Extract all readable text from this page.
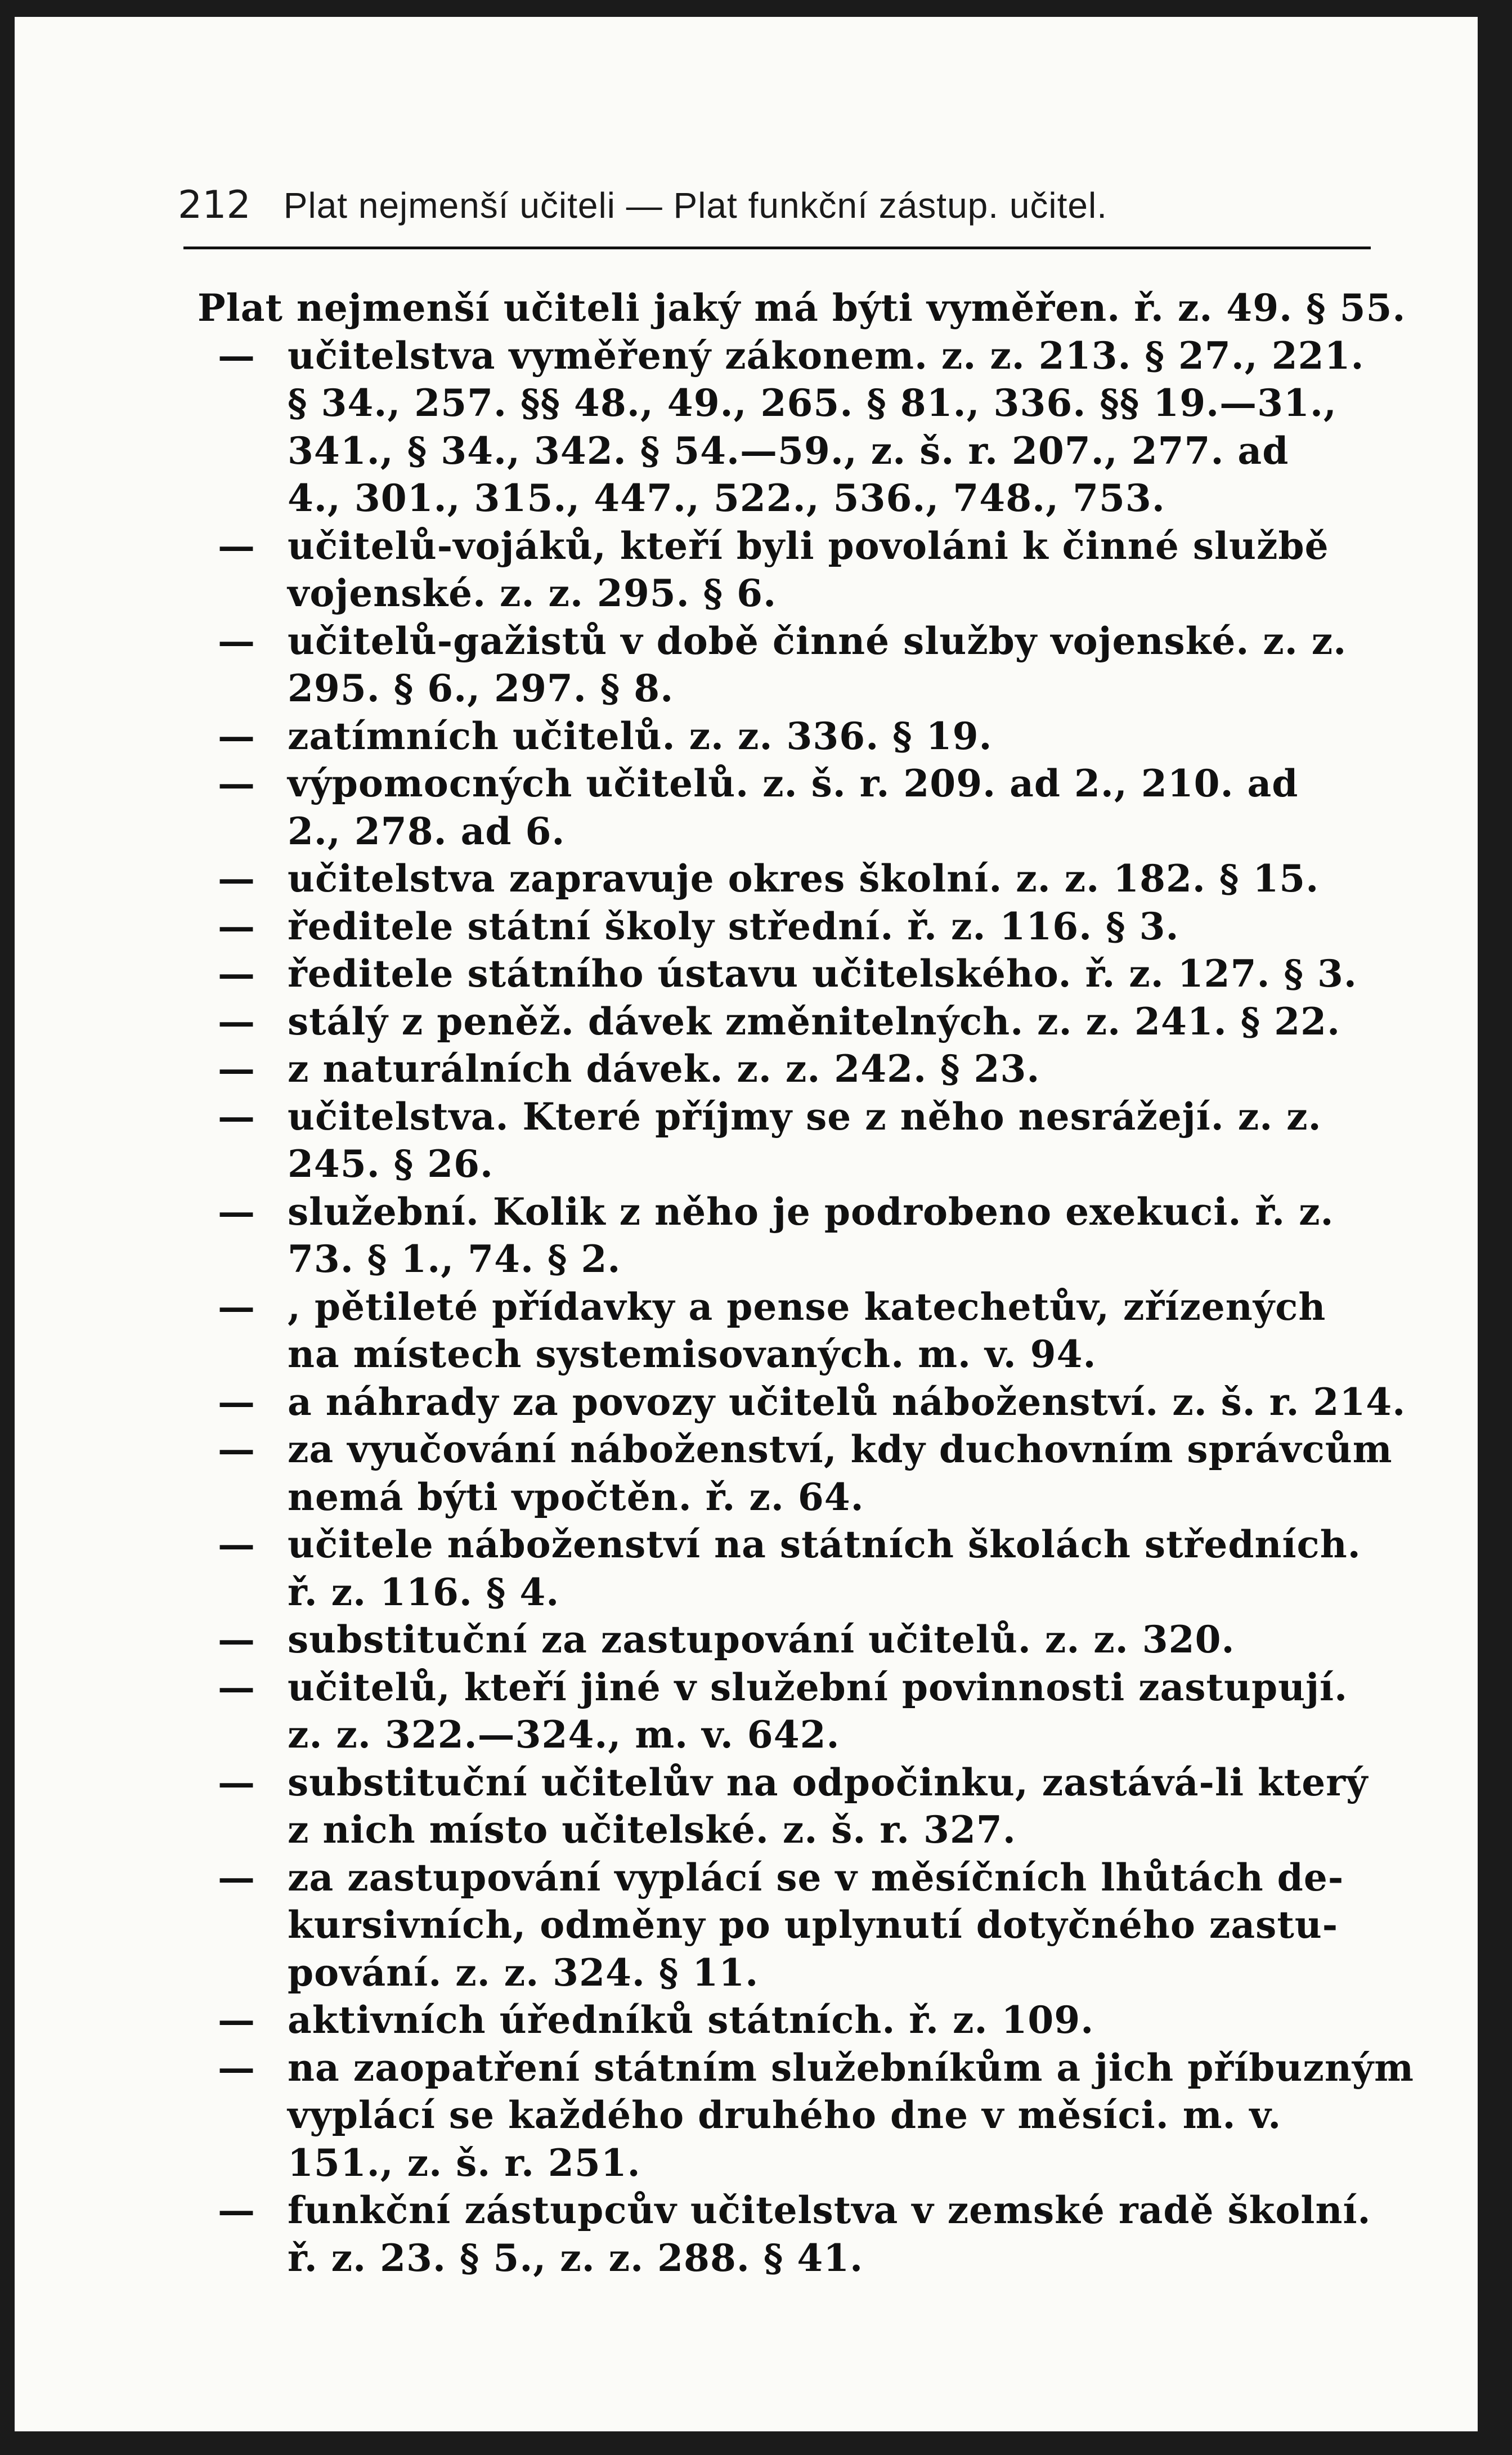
212 Plat nejmenší učiteli — Plat funkční zástup. učitel.
Plat nejmenší učiteli jaký má býti vyměřen. ř. z. 49. § 55.
— učitelstva vyměřený zákonem. z. z. 213. § 27., 221.
§ 34., 257. §§ 48., 49., 265. § 81., 336. §§ 19.—31.,
341., § 34., 342. § 54.—59., z. š. r. 207., 277. ad
4., 301., 315., 447., 522., 536., 748., 753.
— učitelů-vojáků, kteří byli povoláni k činné službě
vojenské. z. z. 295. § 6.
— učitelů-gažistů v době činné služby vojenské. z. z.
295. § 6., 297. § 8.
— zatímních učitelů. z. z. 336. § 19.
— výpomocných učitelů. z. š. r. 209. ad 2., 210. ad
2., 278. ad 6.
— učitelstva zapravuje okres školní. z. z. 182. § 15.
— ředitele státní školy střední. ř. z. 116. § 3.
— ředitele státního ústavu učitelského. ř. z. 127. § 3.
— stálý z peněž. dávek změnitelných. z. z. 241. § 22.
— z naturálních dávek. z. z. 242. § 23.
— učitelstva. Které příjmy se z něho nesrážejí. z. z.
245. § 26.
— služební. Kolik z něho je podrobeno exekuci. ř. z.
73. § 1., 74. § 2.
— , pětileté přídavky a pense katechetův, zřízených
na místech systemisovaných. m. v. 94.
— a náhrady za povozy učitelů náboženství. z. š. r. 214.
— za vyučování náboženství, kdy duchovním správcům
nemá býti vpočtěn. ř. z. 64.
— učitele náboženství na státních školách středních.
ř. z. 116. § 4.
— substituční za zastupování učitelů. z. z. 320.
— učitelů, kteří jiné v služební povinnosti zastupují.
z. z. 322.—324., m. v. 642.
— substituční učitelův na odpočinku, zastává-li který
z nich místo učitelské. z. š. r. 327.
— za zastupování vyplácí se v měsíčních lhůtách de-
kursivních, odměny po uplynutí dotyčného zastu-
pování. z. z. 324. § 11.
— aktivních úředníků státních. ř. z. 109.
— na zaopatření státním služebníkům a jich příbuzným
vyplácí se každého druhého dne v měsíci. m. v.
151., z. š. r. 251.
— funkční zástupcův učitelstva v zemské radě školní.
ř. z. 23. § 5., z. z. 288. § 41.
